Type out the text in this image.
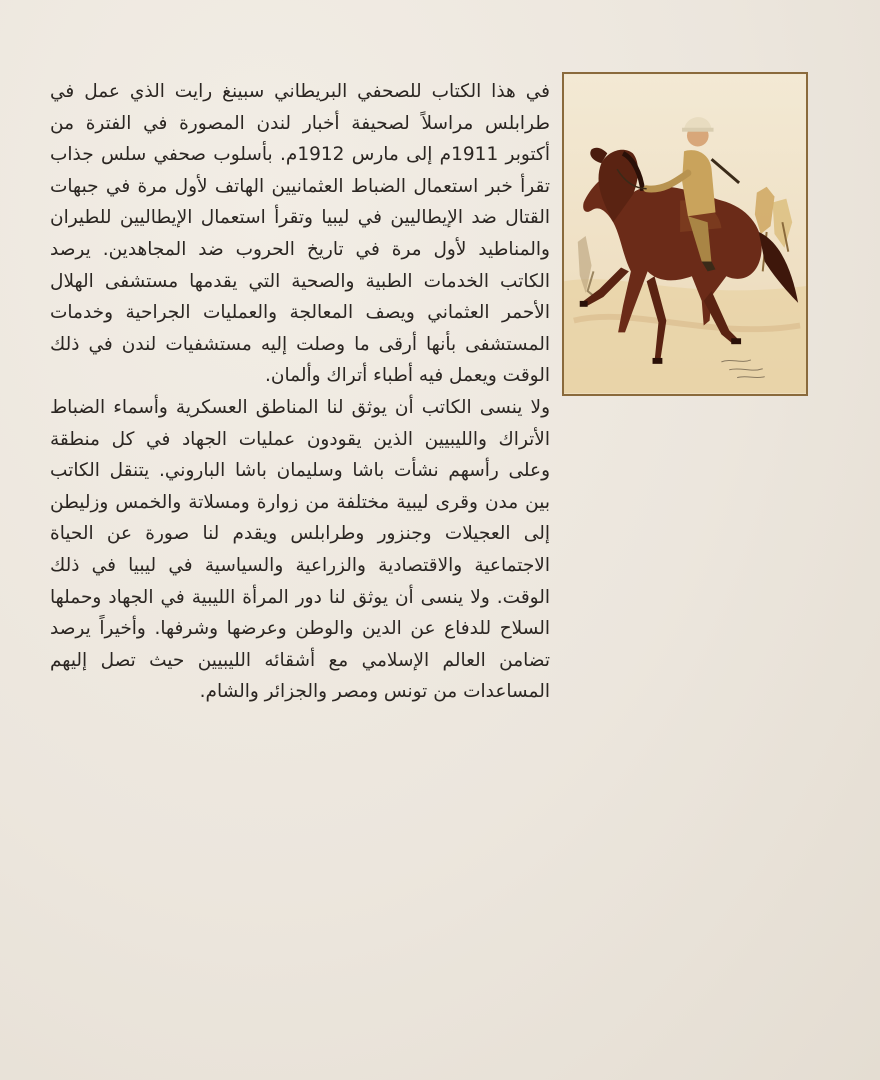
في هذا الكتاب للصحفي البريطاني سبينغ رايت الذي عمل في طرابلس مراسلاً لصحيفة أخبار لندن المصورة في الفترة من أكتوبر 1911م إلى مارس 1912م. بأسلوب صحفي سلس جذاب تقرأ خبر استعمال الضباط العثمانيين الهاتف لأول مرة في جبهات القتال ضد الإيطاليين في ليبيا وتقرأ استعمال الإيطاليين للطيران والمناطيد لأول مرة في تاريخ الحروب ضد المجاهدين. يرصد الكاتب الخدمات الطبية والصحية التي يقدمها مستشفى الهلال الأحمر العثماني ويصف المعالجة والعمليات الجراحية وخدمات المستشفى بأنها أرقى ما وصلت إليه مستشفيات لندن في ذلك الوقت ويعمل فيه أطباء أتراك وألمان.

ولا ينسى الكاتب أن يوثق لنا المناطق العسكرية وأسماء الضباط الأتراك والليبيين الذين يقودون عمليات الجهاد في كل منطقة وعلى رأسهم نشأت باشا وسليمان باشا الباروني. يتنقل الكاتب بين مدن وقرى ليبية مختلفة من زوارة ومسلاتة والخمس وزليطن إلى العجيلات وجنزور وطرابلس ويقدم لنا صورة عن الحياة الاجتماعية والاقتصادية والزراعية والسياسية في ليبيا في ذلك الوقت. ولا ينسى أن يوثق لنا دور المرأة الليبية في الجهاد وحملها السلاح للدفاع عن الدين والوطن وعرضها وشرفها. وأخيراً يرصد تضامن العالم الإسلامي مع أشقائه الليبيين حيث تصل إليهم المساعدات من تونس ومصر والجزائر والشام.
